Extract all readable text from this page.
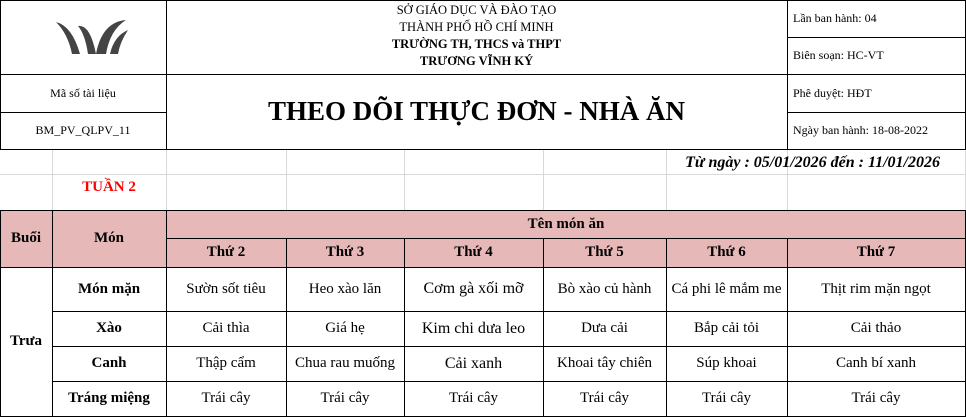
SỞ GIÁO DỤC VÀ ĐÀO TẠO
THÀNH PHỐ HỒ CHÍ MINH
TRƯỜNG TH, THCS và THPT
TRƯƠNG VĨNH KÝ
Mã số tài liệu
BM_PV_QLPV_11
THEO DÕI THỰC ĐƠN - NHÀ ĂN
Lần ban hành: 04
Biên soạn: HC-VT
Phê duyệt: HĐT
Ngày ban hành: 18-08-2022
Từ ngày : 05/01/2026 đến : 11/01/2026
TUẦN 2
Buổi	Món
Tên món ăn
Thứ 2	Thứ 3	Thứ 4	Thứ 5	Thứ 6	Thứ 7
Trưa
Món mặn	Sườn sốt tiêu	Heo xào lăn	Cơm gà xối mỡ	Bò xào củ hành	Cá phi lê mắm me	Thịt rim mặn ngọt
Xào	Cải thìa	Giá hẹ	Kim chi dưa leo	Dưa cải	Bắp cải tỏi	Cải thảo
Canh	Thập cẩm	Chua rau muống	Cải xanh	Khoai tây chiên	Súp khoai	Canh bí xanh
Tráng miệng	Trái cây	Trái cây	Trái cây	Trái cây	Trái cây	Trái cây
